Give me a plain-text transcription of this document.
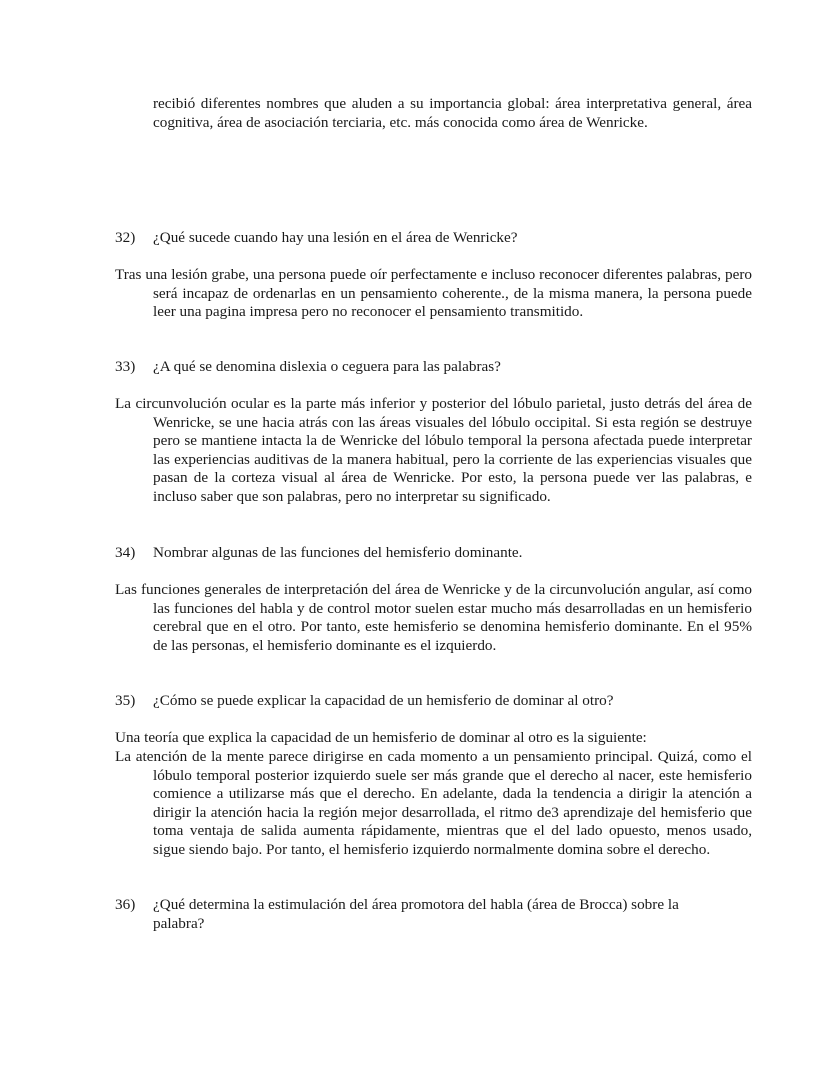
recibió diferentes nombres que aluden a su importancia global: área interpretativa general, área cognitiva, área de asociación terciaria, etc. más conocida como área de Wenricke.
32)	¿Qué sucede cuando hay una lesión en el área de Wenricke?
Tras una lesión grabe, una persona puede oír perfectamente e incluso reconocer diferentes palabras, pero será incapaz de ordenarlas en un pensamiento coherente., de la misma manera, la persona puede leer una pagina impresa pero no reconocer el pensamiento transmitido.
33)	¿A qué se denomina dislexia o ceguera para las palabras?
La circunvolución ocular es la parte más inferior y posterior del lóbulo parietal, justo detrás del área de Wenricke, se une hacia atrás con las áreas visuales del lóbulo occipital. Si esta región se destruye pero se mantiene intacta la de Wenricke del lóbulo temporal la persona afectada puede interpretar las experiencias auditivas de la manera habitual, pero la corriente de las experiencias visuales que pasan de la corteza visual al área de Wenricke. Por esto, la persona puede ver las palabras, e incluso saber que son palabras, pero no interpretar su significado.
34)	Nombrar algunas de las funciones del hemisferio dominante.
Las funciones generales de interpretación del área de Wenricke y de la circunvolución angular, así como las funciones del habla y de control motor suelen estar mucho más desarrolladas en un hemisferio cerebral que en el otro. Por tanto, este hemisferio se denomina hemisferio dominante. En el 95% de las personas, el hemisferio dominante es el izquierdo.
35)	¿Cómo se puede explicar la capacidad de un hemisferio de dominar al otro?
Una teoría que explica la capacidad de un hemisferio de dominar al otro es la siguiente:
La atención de la mente parece dirigirse en cada momento a un pensamiento principal. Quizá, como el lóbulo temporal posterior izquierdo suele ser más grande que el derecho al nacer, este hemisferio comience a utilizarse más que el derecho. En adelante, dada la tendencia a dirigir la atención a dirigir la atención hacia la región mejor desarrollada, el ritmo de3 aprendizaje del hemisferio que toma ventaja de salida aumenta rápidamente, mientras que el del lado opuesto, menos usado, sigue siendo bajo. Por tanto, el hemisferio izquierdo normalmente domina sobre el derecho.
36)	¿Qué determina la estimulación del área promotora del habla (área de Brocca) sobre la palabra?
